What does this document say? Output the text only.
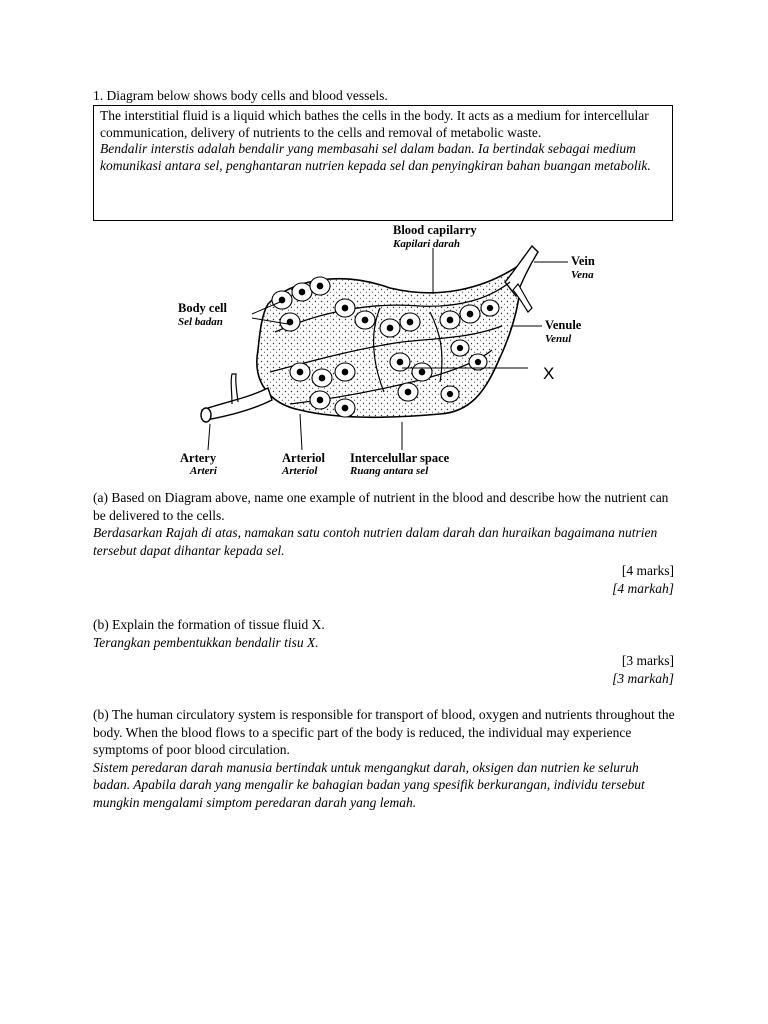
1. Diagram below shows body cells and blood vessels.
The interstitial fluid is a liquid which bathes the cells in the body. It acts as a medium for intercellular communication, delivery of nutrients to the cells and removal of metabolic waste.
Bendalir interstis adalah bendalir yang membasahi sel dalam badan. Ia bertindak sebagai medium komunikasi antara sel, penghantaran nutrien kepada sel dan penyingkiran bahan buangan metabolik.
Blood capilarry
Kapilari darah
Vein
Vena
Body cell
Sel badan	Venule
Venul
X
Artery
Arteri
Arteriol
Arteriol
Intercelullar space
Ruang antara sel
(a) Based on Diagram above, name one example of nutrient in the blood and describe how the nutrient can be delivered to the cells.
Berdasarkan Rajah di atas, namakan satu contoh nutrien dalam darah dan huraikan bagaimana nutrien tersebut dapat dihantar kepada sel.
[4 marks]
[4 markah]
(b) Explain the formation of tissue fluid X.
Terangkan pembentukkan bendalir tisu X.
[3 marks]
[3 markah]
(b) The human circulatory system is responsible for transport of blood, oxygen and nutrients throughout the body. When the blood flows to a specific part of the body is reduced, the individual may experience symptoms of poor blood circulation.
Sistem peredaran darah manusia bertindak untuk mengangkut darah, oksigen dan nutrien ke seluruh badan. Apabila darah yang mengalir ke bahagian badan yang spesifik berkurangan, individu tersebut mungkin mengalami simptom peredaran darah yang lemah.
